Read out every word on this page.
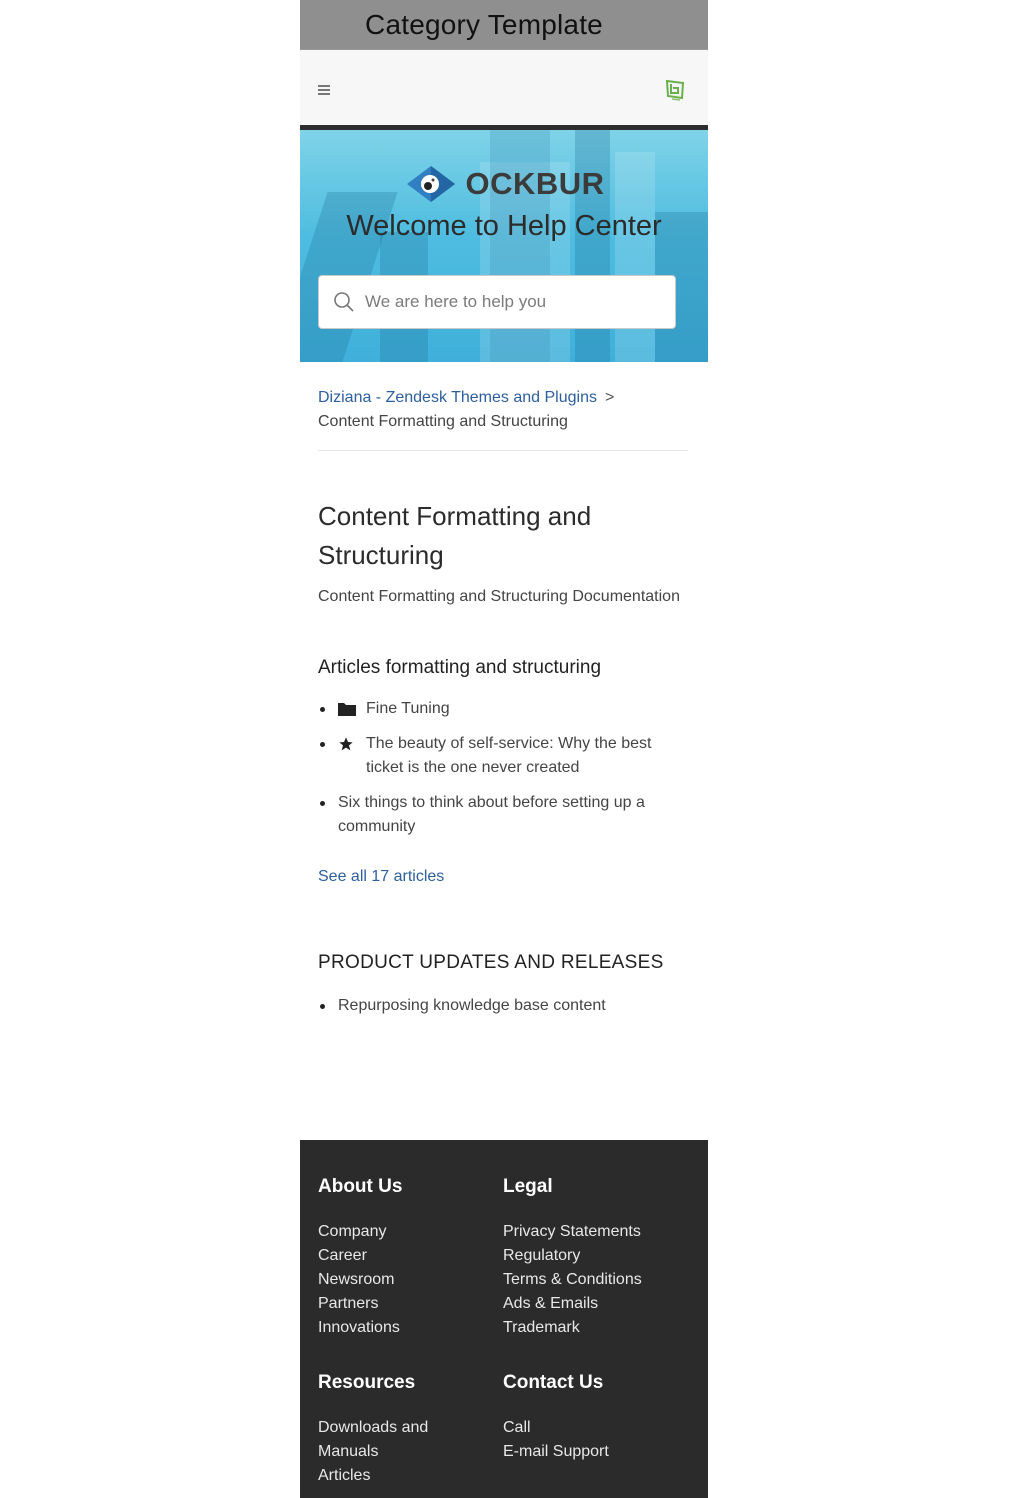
Category Template
OCKBUR
Welcome to Help Center
We are here to help you
Diziana - Zendesk Themes and Plugins >
Content Formatting and Structuring
Content Formatting and Structuring

Content Formatting and Structuring Documentation

Articles formatting and structuring
Fine Tuning
The beauty of self-service: Why the best ticket is the one never created
Six things to think about before setting up a community
See all 17 articles
PRODUCT UPDATES AND RELEASES
Repurposing knowledge base content
About Us
Company
Career
Newsroom
Partners
Innovations
Legal
Privacy Statements
Regulatory
Terms & Conditions
Ads & Emails
Trademark
Resources
Downloads and Manuals
Articles
Contact Us
Call
E-mail Support
